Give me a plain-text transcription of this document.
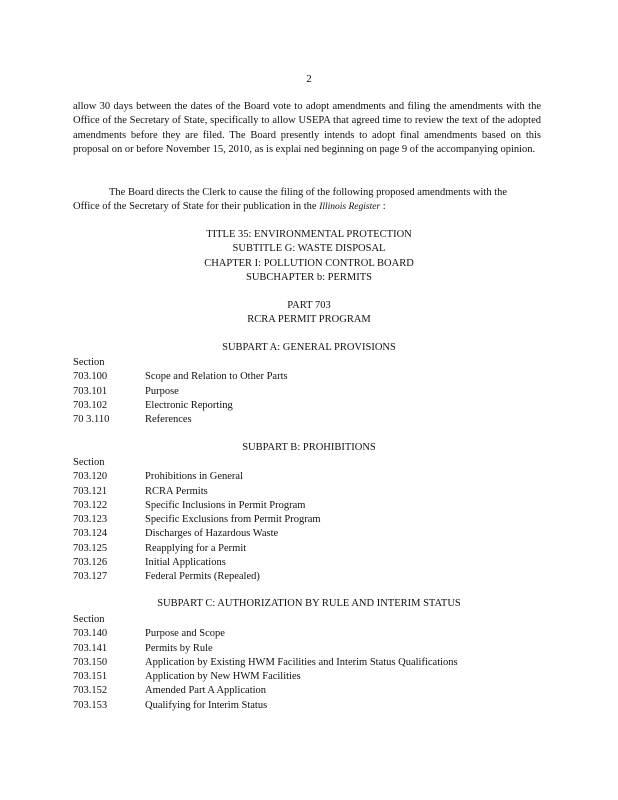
2
allow 30 days between the dates of the Board vote to adopt amendments and filing the amendments with the Office of the Secretary of State, specifically to allow USEPA that agreed time to review the text of the adopted amendments before they are filed. The Board presently intends to adopt final amendments based on this proposal on or before November 15, 2010, as is explai ned beginning on page 9 of the accompanying opinion.
The Board directs the Clerk to cause the filing of the following proposed amendments with the Office of the Secretary of State for their publication in the Illinois Register :
TITLE 35: ENVIRONMENTAL PROTECTION
SUBTITLE G: WASTE DISPOSAL
CHAPTER I: POLLUTION CONTROL BOARD
SUBCHAPTER b: PERMITS
PART 703
RCRA PERMIT PROGRAM
SUBPART A: GENERAL PROVISIONS
Section
703.100	Scope and Relation to Other Parts
703.101	Purpose
703.102	Electronic Reporting
70 3.110	References
SUBPART B: PROHIBITIONS
Section
703.120	Prohibitions in General
703.121	RCRA Permits
703.122	Specific Inclusions in Permit Program
703.123	Specific Exclusions from Permit Program
703.124	Discharges of Hazardous Waste
703.125	Reapplying for a Permit
703.126	Initial Applications
703.127	Federal Permits (Repealed)
SUBPART C: AUTHORIZATION BY RULE AND INTERIM STATUS
Section
703.140	Purpose and Scope
703.141	Permits by Rule
703.150	Application by Existing HWM Facilities and Interim Status Qualifications
703.151	Application by New HWM Facilities
703.152	Amended Part A Application
703.153	Qualifying for Interim Status
